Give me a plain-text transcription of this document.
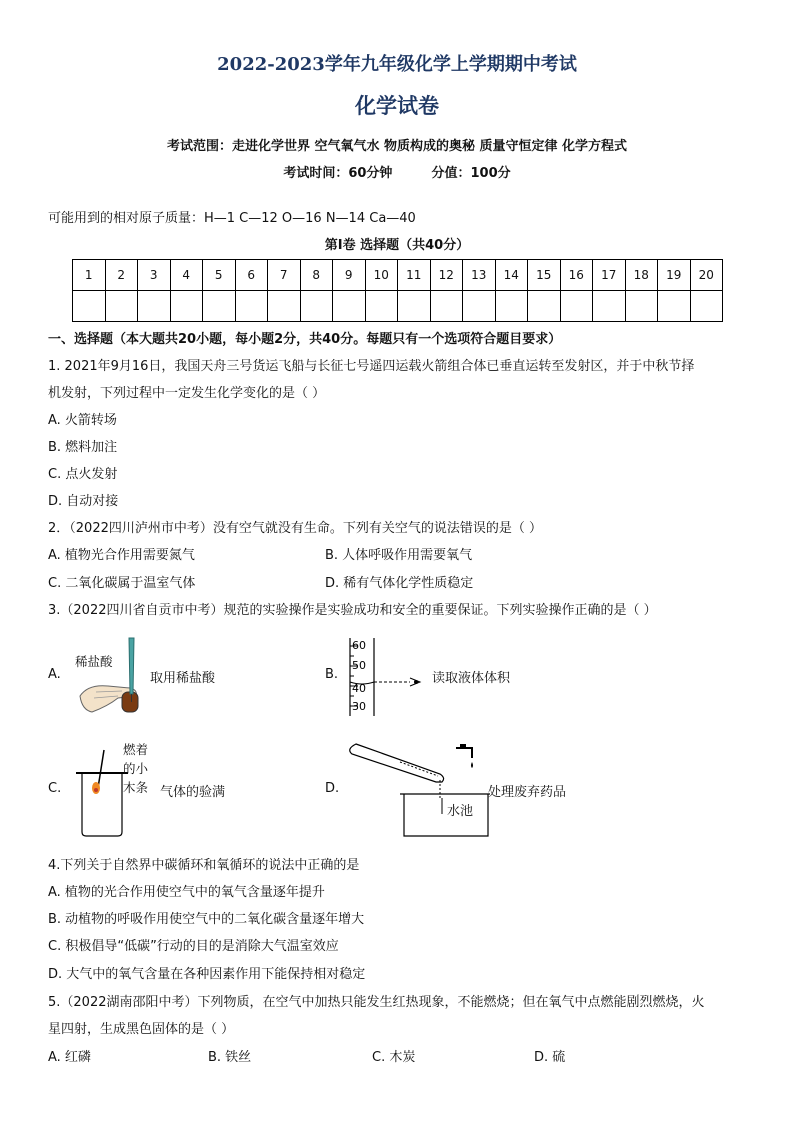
2022-2023学年九年级化学上学期期中考试
化学试卷
考试范围：走进化学世界 空气氧气水 物质构成的奥秘 质量守恒定律 化学方程式
考试时间：60分钟	分值：100分
可能用到的相对原子质量：H—1 C—12 O—16 N—14 Ca—40
第Ⅰ卷 选择题（共40分）
1	2	3	4	5	6	7	8	9	10	11	12	13	14	15	16	17	18	19	20

一、选择题（本大题共20小题，每小题2分，共40分。每题只有一个选项符合题目要求）
1. 2021年9月16日，我国天舟三号货运飞船与长征七号遥四运载火箭组合体已垂直运转至发射区，并于中秋节择
机发射，下列过程中一定发生化学变化的是（ ）
A. 火箭转场
B. 燃料加注
C. 点火发射
D. 自动对接
2．（2022四川泸州市中考）没有空气就没有生命。下列有关空气的说法错误的是（ ）
A. 植物光合作用需要氮气	B. 人体呼吸作用需要氧气
C. 二氧化碳属于温室气体	D. 稀有气体化学性质稳定
3.（2022四川省自贡市中考）规范的实验操作是实验成功和安全的重要保证。下列实验操作正确的是（ ）
A.
稀盐酸
取用稀盐酸	B.
60
50
40
30
读取液体体积
C.
燃着
的小
木条 气体的验满	D.
水池
处理废弃药品
4.下列关于自然界中碳循环和氧循环的说法中正确的是
A. 植物的光合作用使空气中的氧气含量逐年提升
B. 动植物的呼吸作用使空气中的二氧化碳含量逐年增大
C. 积极倡导“低碳”行动的目的是消除大气温室效应
D. 大气中的氧气含量在各种因素作用下能保持相对稳定
5.（2022湖南邵阳中考）下列物质，在空气中加热只能发生红热现象，不能燃烧；但在氧气中点燃能剧烈燃烧，火
星四射，生成黑色固体的是（ ）
A. 红磷	B. 铁丝	C. 木炭	D. 硫
